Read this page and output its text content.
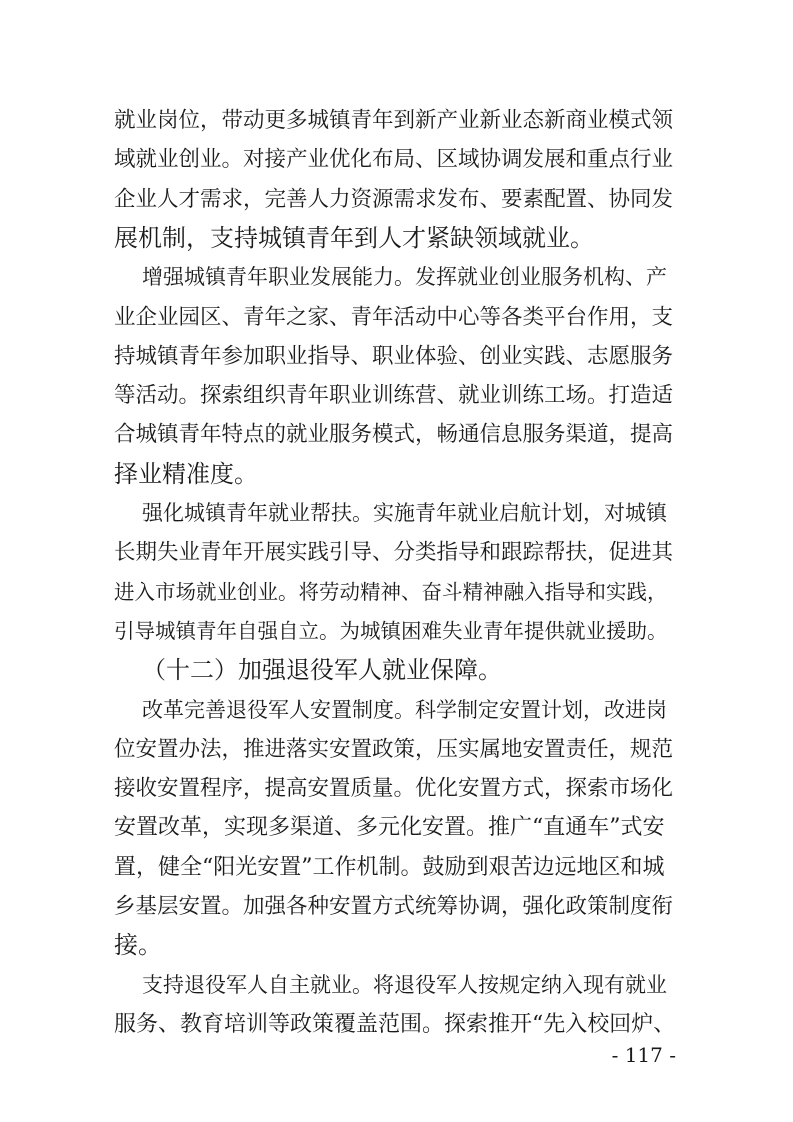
就业岗位，带动更多城镇青年到新产业新业态新商业模式领
域就业创业。对接产业优化布局、区域协调发展和重点行业
企业人才需求，完善人力资源需求发布、要素配置、协同发
展机制，支持城镇青年到人才紧缺领域就业。
增强城镇青年职业发展能力。发挥就业创业服务机构、产
业企业园区、青年之家、青年活动中心等各类平台作用，支
持城镇青年参加职业指导、职业体验、创业实践、志愿服务
等活动。探索组织青年职业训练营、就业训练工场。打造适
合城镇青年特点的就业服务模式，畅通信息服务渠道，提高
择业精准度。
强化城镇青年就业帮扶。实施青年就业启航计划，对城镇
长期失业青年开展实践引导、分类指导和跟踪帮扶，促进其
进入市场就业创业。将劳动精神、奋斗精神融入指导和实践，
引导城镇青年自强自立。为城镇困难失业青年提供就业援助。
（十二）加强退役军人就业保障。
改革完善退役军人安置制度。科学制定安置计划，改进岗
位安置办法，推进落实安置政策，压实属地安置责任，规范
接收安置程序，提高安置质量。优化安置方式，探索市场化
安置改革，实现多渠道、多元化安置。推广“直通车”式安
置，健全“阳光安置”工作机制。鼓励到艰苦边远地区和城
乡基层安置。加强各种安置方式统筹协调，强化政策制度衔
接。
支持退役军人自主就业。将退役军人按规定纳入现有就业
服务、教育培训等政策覆盖范围。探索推开“先入校回炉、
- 117 -
